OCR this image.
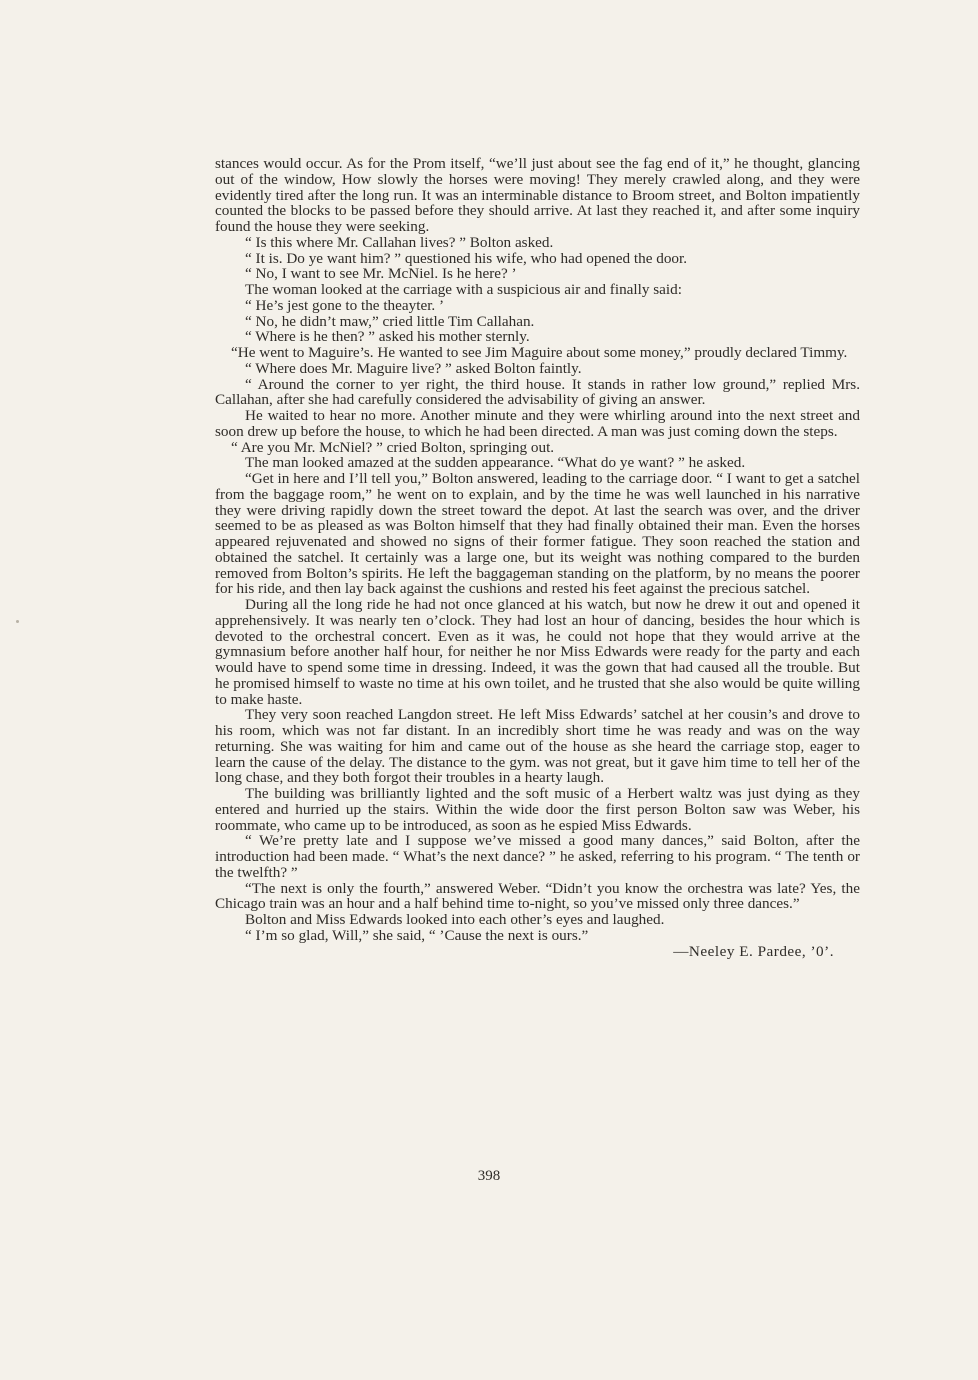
stances would occur. As for the Prom itself, “we’ll just about see the fag end of it,” he thought, glancing out of the window, How slowly the horses were moving! They merely crawled along, and they were evidently tired after the long run. It was an interminable distance to Broom street, and Bolton impatiently counted the blocks to be passed before they should arrive. At last they reached it, and after some inquiry found the house they were seeking.

“ Is this where Mr. Callahan lives? ” Bolton asked.

“ It is. Do ye want him? ” questioned his wife, who had opened the door.

“ No, I want to see Mr. McNiel. Is he here? ’

The woman looked at the carriage with a suspicious air and finally said:

“ He’s jest gone to the theayter. ’

“ No, he didn’t maw,” cried little Tim Callahan.

“ Where is he then? ” asked his mother sternly.

“He went to Maguire’s. He wanted to see Jim Maguire about some money,” proudly declared Timmy.

“ Where does Mr. Maguire live? ” asked Bolton faintly.

“ Around the corner to yer right, the third house. It stands in rather low ground,” replied Mrs. Callahan, after she had carefully considered the advisability of giving an answer.

He waited to hear no more. Another minute and they were whirling around into the next street and soon drew up before the house, to which he had been directed. A man was just coming down the steps.

“ Are you Mr. McNiel? ” cried Bolton, springing out.

The man looked amazed at the sudden appearance. “What do ye want? ” he asked.

“Get in here and I’ll tell you,” Bolton answered, leading to the carriage door. “ I want to get a satchel from the baggage room,” he went on to explain, and by the time he was well launched in his narrative they were driving rapidly down the street toward the depot. At last the search was over, and the driver seemed to be as pleased as was Bolton himself that they had finally obtained their man. Even the horses appeared rejuvenated and showed no signs of their former fatigue. They soon reached the station and obtained the satchel. It certainly was a large one, but its weight was nothing compared to the burden removed from Bolton’s spirits. He left the baggageman standing on the platform, by no means the poorer for his ride, and then lay back against the cushions and rested his feet against the precious satchel.

During all the long ride he had not once glanced at his watch, but now he drew it out and opened it apprehensively. It was nearly ten o’clock. They had lost an hour of dancing, besides the hour which is devoted to the orchestral concert. Even as it was, he could not hope that they would arrive at the gymnasium before another half hour, for neither he nor Miss Edwards were ready for the party and each would have to spend some time in dressing. Indeed, it was the gown that had caused all the trouble. But he promised himself to waste no time at his own toilet, and he trusted that she also would be quite willing to make haste.

They very soon reached Langdon street. He left Miss Edwards’ satchel at her cousin’s and drove to his room, which was not far distant. In an incredibly short time he was ready and was on the way returning. She was waiting for him and came out of the house as she heard the carriage stop, eager to learn the cause of the delay. The distance to the gym. was not great, but it gave him time to tell her of the long chase, and they both forgot their troubles in a hearty laugh.

The building was brilliantly lighted and the soft music of a Herbert waltz was just dying as they entered and hurried up the stairs. Within the wide door the first person Bolton saw was Weber, his roommate, who came up to be introduced, as soon as he espied Miss Edwards.

“ We’re pretty late and I suppose we’ve missed a good many dances,” said Bolton, after the introduction had been made. “ What’s the next dance? ” he asked, referring to his program. “ The tenth or the twelfth? ”

“The next is only the fourth,” answered Weber. “Didn’t you know the orchestra was late? Yes, the Chicago train was an hour and a half behind time to-night, so you’ve missed only three dances.”

Bolton and Miss Edwards looked into each other’s eyes and laughed.

“ I’m so glad, Will,” she said, “ ’Cause the next is ours.”

—Neeley E. Pardee, ’0’.
398
